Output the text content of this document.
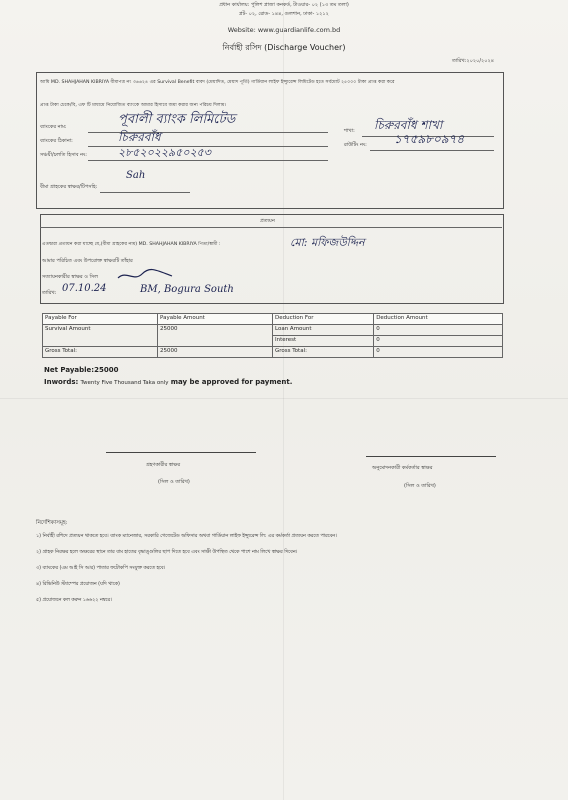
প্রধান কার্যালয়: পুলিশ প্লাজা কনকর্ড, টাওয়ার- ০২ (১৩ তম তলা)
প্লট- ০২, রোড- ১৪৪, গুলশান, ঢাকা- ১২১২
Website: www.guardianlife.com.bd
নির্বাহী রসিদ (Discharge Voucher)
তারিখ:২০২০/২০২৪
আমি MD. SHAHJAHAN KIBRIYA বীমাপত্র নং ৩৬৬২৪ এর Survival Benefit বাবদ (মেয়াদিত, মেয়াদ পূর্তি) গার্ডিয়ান লাইফ ইন্স্যুরেন্স লিমিটেড হতে সর্বমোট ২৫০০০ টাকা প্রাপ্ত করা করে
প্রাপ্ত টাকা চেকে/বি, এফ টি মাধ্যমে নিয়োজিত ব্যাংকে আমার হিসাবে জমা করার জন্য পরিচয় দিলাম।
ব্যাংকের নাম:	পূবালী ব্যাংক লিমিটেড
ব্যাংকের ঠিকানা:	চিরুরবাঁধ
সঞ্চয়ী/চলতি হিসাব নং:	২৮৫২০২২৯৫০২৫৩
শাখা: চিরুরবাঁধ শাখা
রাউটিং নং: ১৭৫৯৮০৯৭৪
বীমা গ্রাহকের স্বাক্ষর/টিপসহি:
Sah
প্রত্যয়ন
এতদ্বারা প্রত্যয়ন করা যাচ্ছে যে,(বীমা গ্রাহকের নাম) MD. SHAHJAHAN KIBRIYA পিতা/স্বামী :	মো: মফিজউদ্দিন
আমার পরিচিত এবং উপরোক্ত স্বাক্ষরটি তাঁহার
সত্যায়নকারীর স্বাক্ষর ও সিল
তারিখ: 07.10.24	BM, Bogura South
Payable For	Payable Amount	Deduction For	Deduction Amount
Survival Amount	25000	Loan Amount	0
		Interest	0
Gross Total:	25000	Gross Total:	0
Net Payable:25000
Inwords: Twenty Five Thousand Taka only may be approved for payment.
গ্রহণকারীর স্বাক্ষর
(সিল ও তারিখ)
অনুমোদনকারী কর্মকর্তার স্বাক্ষর
(সিল ও তারিখ)
নির্দেশিকাসমূহ:
১) নির্বাহী রশিদে প্রত্যয়ন থাকতে হবে। ব্যাংক ম্যানেজার, সরকারি গেজেটেড অফিসার অথবা গার্ডিয়ান লাইফ ইন্স্যুরেন্স লি: এর কর্মকর্তা প্রত্যয়ন করতে পারবেন।
২) গ্রাহক নিরক্ষর হলে অক্ষরের স্থানে তার বাম হাতের বৃদ্ধাঙ্গুলির ছাপ দিতে হবে এবং সাক্ষী উপস্থিত থেকে পাশে নাম লিখে স্বাক্ষর দিবেন।
৩) ব্যাংকের (এম আই সি আর) পাতার ফটোকপি সংযুক্ত করতে হবে।
৪) রিভিনিউ স্ট্যাম্পের প্রয়োজন (যদি থাকে)
৫) প্রয়োজনে কল করুন ১৬৬২২ নম্বরে।
